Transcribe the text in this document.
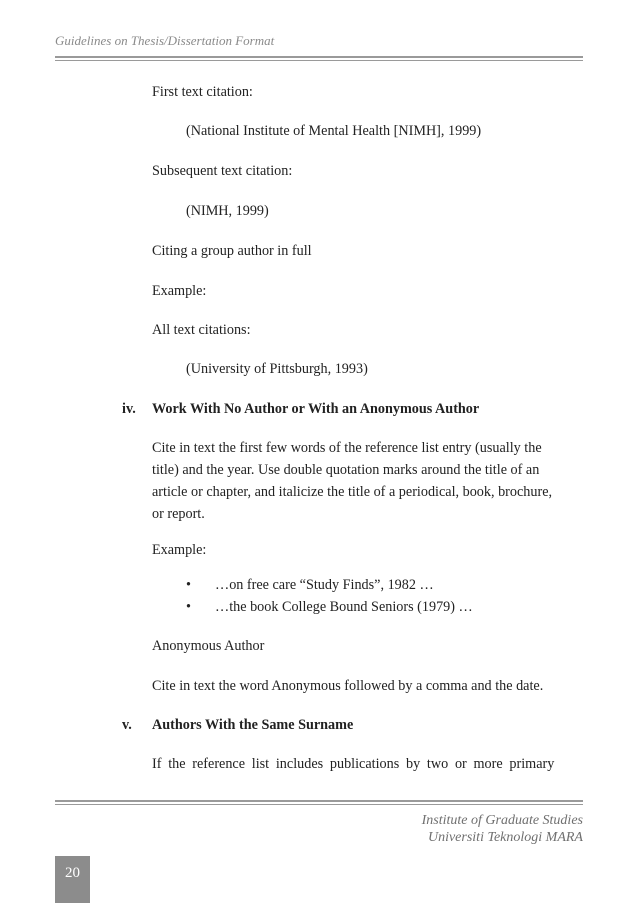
Guidelines on Thesis/Dissertation Format
First text citation:
(National Institute of Mental Health [NIMH], 1999)
Subsequent text citation:
(NIMH, 1999)
Citing a group author in full
Example:
All text citations:
(University of Pittsburgh, 1993)
iv. Work With No Author or With an Anonymous Author
Cite in text the first few words of the reference list entry (usually the
title) and the year. Use double quotation marks around the title of an
article or chapter, and italicize the title of a periodical, book, brochure,
or report.
Example:
• …on free care “Study Finds”, 1982 …
• …the book College Bound Seniors (1979) …
Anonymous Author
Cite in text the word Anonymous followed by a comma and the date.
v. Authors With the Same Surname
If the reference list includes publications by two or more primary
Institute of Graduate Studies
Universiti Teknologi MARA
20
